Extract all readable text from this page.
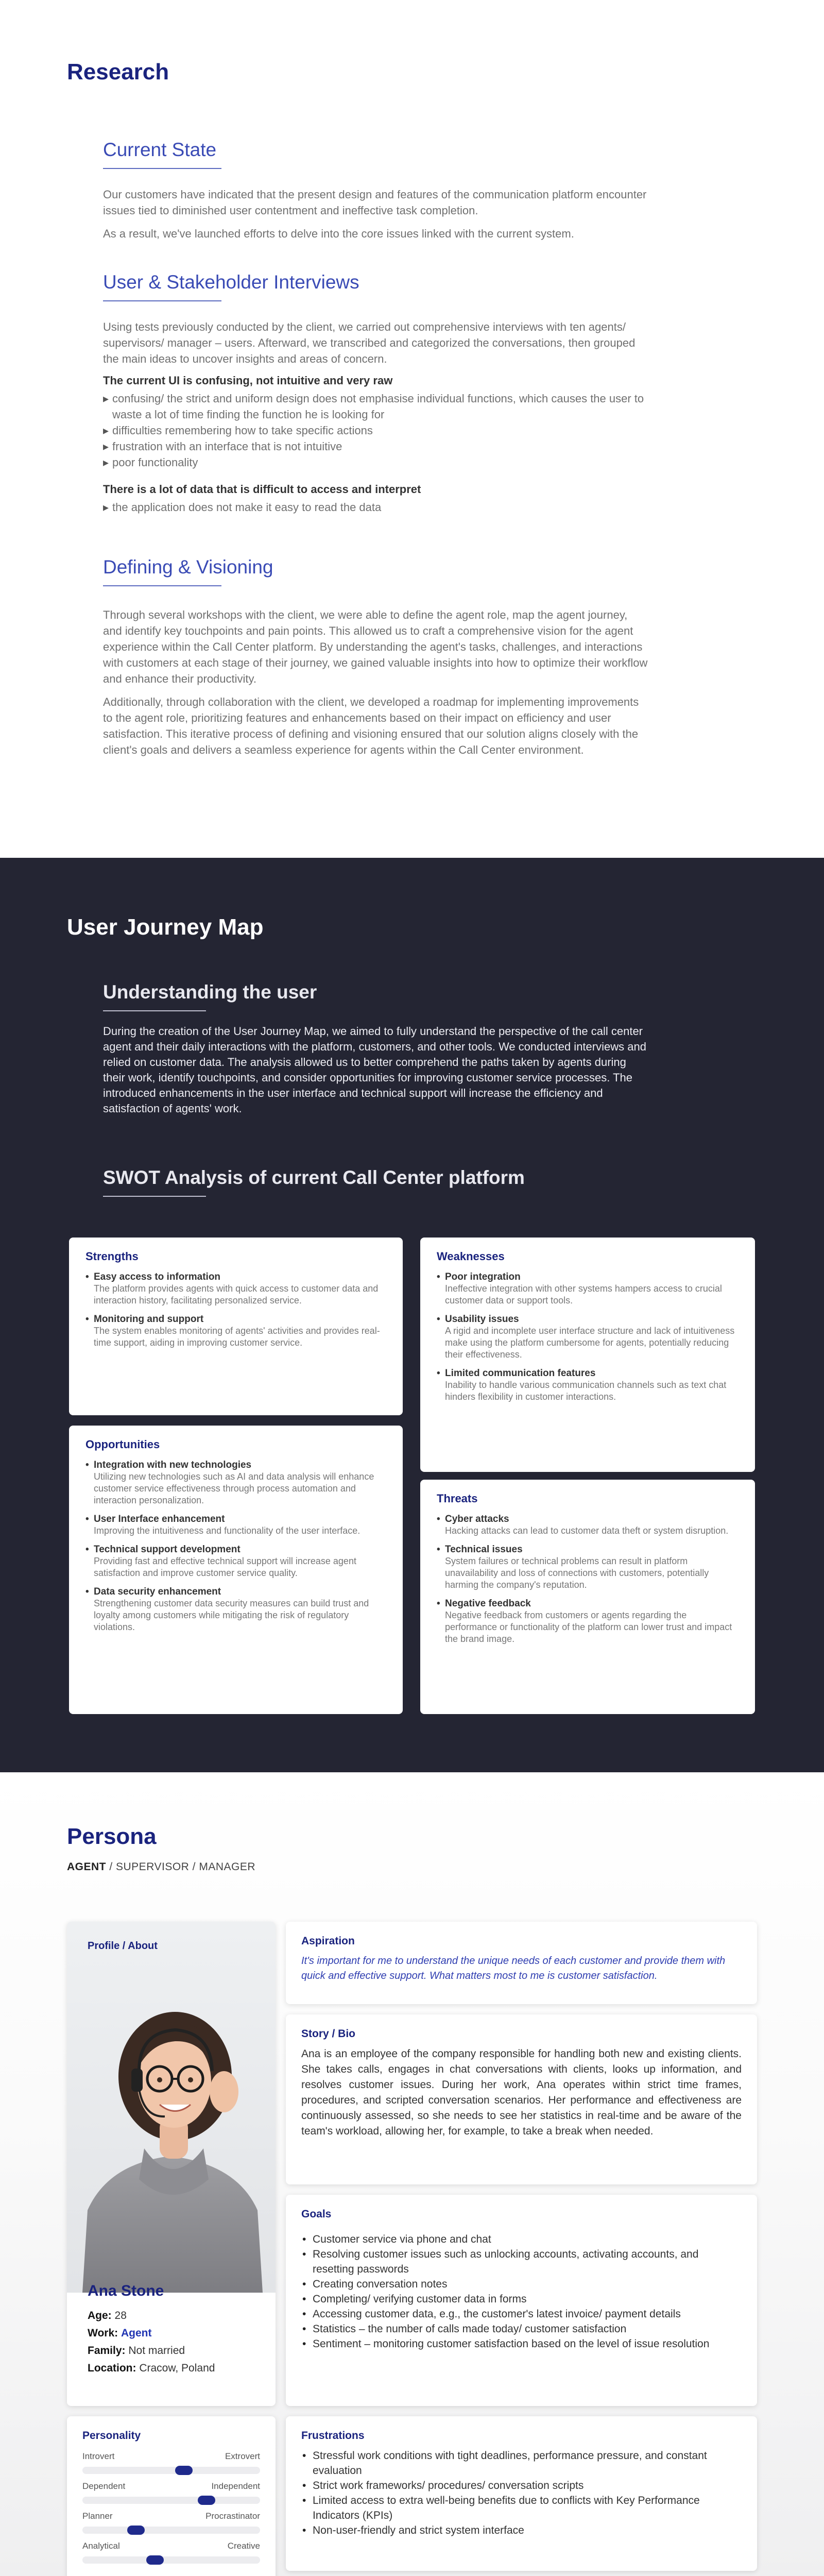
Research
Current State

Our customers have indicated that the present design and features of the communication platform encounter issues tied to diminished user contentment and ineffective task completion.

As a result, we've launched efforts to delve into the core issues linked with the current system.

User & Stakeholder Interviews

Using tests previously conducted by the client, we carried out comprehensive interviews with ten agents/ supervisors/ manager – users. Afterward, we transcribed and categorized the conversations, then grouped the main ideas to uncover insights and areas of concern.

The current UI is confusing, not intuitive and very raw
▸ confusing/ the strict and uniform design does not emphasise individual functions, which causes the user to waste a lot of time finding the function he is looking for
▸ difficulties remembering how to take specific actions
▸ frustration with an interface that is not intuitive
▸ poor functionality
There is a lot of data that is difficult to access and interpret
▸ the application does not make it easy to read the data
Defining & Visioning

Through several workshops with the client, we were able to define the agent role, map the agent journey, and identify key touchpoints and pain points. This allowed us to craft a comprehensive vision for the agent experience within the Call Center platform. By understanding the agent's tasks, challenges, and interactions with customers at each stage of their journey, we gained valuable insights into how to optimize their workflow and enhance their productivity.

Additionally, through collaboration with the client, we developed a roadmap for implementing improvements to the agent role, prioritizing features and enhancements based on their impact on efficiency and user satisfaction. This iterative process of defining and visioning ensured that our solution aligns closely with the client's goals and delivers a seamless experience for agents within the Call Center environment.

User Journey Map
Understanding the user

During the creation of the User Journey Map, we aimed to fully understand the perspective of the call center agent and their daily interactions with the platform, customers, and other tools. We conducted interviews and relied on customer data. The analysis allowed us to better comprehend the paths taken by agents during their work, identify touchpoints, and consider opportunities for improving customer service processes. The introduced enhancements in the user interface and technical support will increase the efficiency and satisfaction of agents' work.

SWOT Analysis of current Call Center platform
Strengths
• Easy access to information
The platform provides agents with quick access to customer data and interaction history, facilitating personalized service.
• Monitoring and support
The system enables monitoring of agents' activities and provides real-time support, aiding in improving customer service.
Weaknesses
• Poor integration
Ineffective integration with other systems hampers access to crucial customer data or support tools.
• Usability issues
A rigid and incomplete user interface structure and lack of intuitiveness make using the platform cumbersome for agents, potentially reducing their effectiveness.
• Limited communication features
Inability to handle various communication channels such as text chat hinders flexibility in customer interactions.
Opportunities
• Integration with new technologies
Utilizing new technologies such as AI and data analysis will enhance customer service effectiveness through process automation and interaction personalization.
• User Interface enhancement
Improving the intuitiveness and functionality of the user interface.
• Technical support development
Providing fast and effective technical support will increase agent satisfaction and improve customer service quality.
• Data security enhancement
Strengthening customer data security measures can build trust and loyalty among customers while mitigating the risk of regulatory violations.
Threats
• Cyber attacks
Hacking attacks can lead to customer data theft or system disruption.
• Technical issues
System failures or technical problems can result in platform unavailability and loss of connections with customers, potentially harming the company's reputation.
• Negative feedback
Negative feedback from customers or agents regarding the performance or functionality of the platform can lower trust and impact the brand image.
Persona
AGENT / SUPERVISOR / MANAGER
Profile / About
Ana Stone
Age: 28
Work: Agent
Family: Not married
Location: Cracow, Poland
Aspiration
It's important for me to understand the unique needs of each customer and provide them with quick and effective support. What matters most to me is customer satisfaction.
Story / Bio
Ana is an employee of the company responsible for handling both new and existing clients. She takes calls, engages in chat conversations with clients, looks up information, and resolves customer issues. During her work, Ana operates within strict time frames, procedures, and scripted conversation scenarios. Her performance and effectiveness are continuously assessed, so she needs to see her statistics in real-time and be aware of the team's workload, allowing her, for example, to take a break when needed.
Goals
• Customer service via phone and chat
• Resolving customer issues such as unlocking accounts, activating accounts, and resetting passwords
• Creating conversation notes
• Completing/ verifying customer data in forms
• Accessing customer data, e.g., the customer's latest invoice/ payment details
• Statistics – the number of calls made today/ customer satisfaction
• Sentiment – monitoring customer satisfaction based on the level of issue resolution
Personality
Introvert	Extrovert
Dependent	Independent
Planner	Procrastinator
Analytical	Creative

Frustrations
• Stressful work conditions with tight deadlines, performance pressure, and constant evaluation
• Strict work frameworks/ procedures/ conversation scripts
• Limited access to extra well-being benefits due to conflicts with Key Performance Indicators (KPIs)
• Non-user-friendly and strict system interface
